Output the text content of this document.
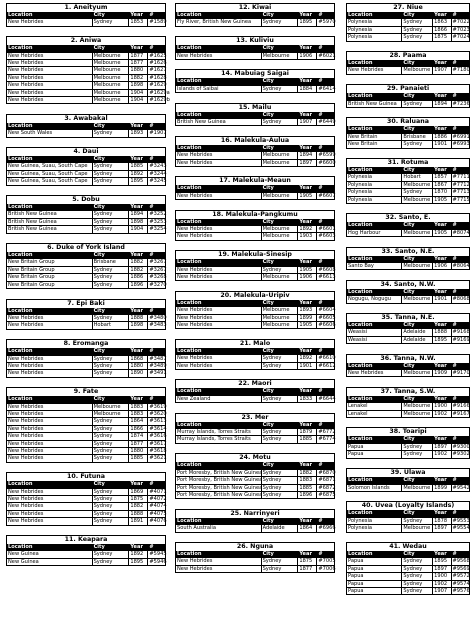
1. Aneityum
Location	City	Year	#
New Hebrides	Sydney	1853	#1589
2. Aniwa
Location	City	Year	#
New Hebrides	Melbourne	1877	#1625
New Hebrides	Melbourne	1877	#1626
New Hebrides	Melbourne	1880	#1627
New Hebrides	Melbourne	1882	#1628
New Hebrides	Melbourne	1898	#1629
New Hebrides	Melbourne	1904	#1629a
New Hebrides	Melbourne	1904	#1629b
3. Awabakal
Location	City	Year	#
New South Wales	Sydney	1893	#1907
4. Daui
Location	City	Year	#
New Guinea, Suau, South Cape	Sydney	1885	#3243
New Guinea, Suau, South Cape	Sydney	1892	#3244
New Guinea, Suau, South Cape	Sydney	1895	#3245
5. Dobu
Location	City	Year	#
British New Guinea	Sydney	1894	#3252
British New Guinea	Sydney	1898	#3253
British New Guinea	Sydney	1904	#3254
6. Duke of York Island
Location	City	Year	#
New Britain Group	Brisbane	1882	#3267
New Britain Group	Sydney	1882	#3267
New Britain Group	Sydney	1886	#3268
New Britain Group	Sydney	1896	#3270
7. Epi Baki
Location	City	Year	#
New Hebrides	Sydney	1888	#3480
New Hebrides	Hobart	1898	#3483
8. Eromanga
Location	City	Year	#
New Hebrides	Sydney	1868	#3487
New Hebrides	Sydney	1880	#3489
New Hebrides	Sydney	1890	#3491
9. Fate
Location	City	Year	#
New Hebrides	Melbourne	1883	#3619
New Hebrides	Melbourne	1883	#3620
New Hebrides	Sydney	1864	#3613
New Hebrides	Sydney	1866	#3614
New Hebrides	Sydney	1874	#3616
New Hebrides	Sydney	1877	#3617
New Hebrides	Sydney	1880	#3618
New Hebrides	Sydney	1885	#3621
10. Futuna
Location	City	Year	#
New Hebrides	Sydney	1869	#4071
New Hebrides	Sydney	1875	#4072
New Hebrides	Sydney	1882	#4074
New Hebrides	Sydney	1888	#4075
New Hebrides	Sydney	1891	#4076
11. Keapara
Location	City	Year	#
New Guinea	Sydney	1892	#5945
New Guinea	Sydney	1895	#5946
12. Kiwai
Location	City	Year	#
Fly River, British New Guinea	Sydney	1895	#5970
13. Kuliviu
Location	City	Year	#
New Hebrides	Melbourne	1906	#6021
14. Mabuiag Saigai
Location	City	Year	#
Islands of Saibai	Sydney	1884	#6414
15. Mailu
Location	City	Year	#
British New Guinea	Sydney	1907	#6449
16. Malekula-Aulua
Location	City	Year	#
New Hebrides	Melbourne	1894	#6599
New Hebrides	Melbourne	1897	#6600
17. Malekula-Meaun
Location	City	Year	#
New Hebrides	Melbourne	1905	#6607
18. Malekula-Pangkumu
Location	City	Year	#
New Hebrides	Melbourne	1892	#6601
New Hebrides	Melbourne	1903	#6603
19. Malekula-Sinesip
Location	City	Year	#
New Hebrides	Sydney	1905	#6608
New Hebrides	Melbourne	1906	#6613
20. Malekula-Uripiv
Location	City	Year	#
New Hebrides	Melbourne	1893	#6604
New Hebrides	Melbourne	1899	#6605
New Hebrides	Melbourne	1905	#6606
21. Malo
Location	City	Year	#
New Hebrides	Sydney	1892	#6610
New Hebrides	Sydney	1901	#6612
22. Maori
Location	City	Year	#
New Zealand	Sydney	1833	#6644
23. Mer
Location	City	Year	#
Murray Islands, Torres Straits	Sydney	1879	#6772
Murray Islands, Torres Straits	Sydney	1885	#6774
24. Motu
Location	City	Year	#
Port Moresby, British New Guinea	Sydney	1882	#6870
Port Moresby, British New Guinea	Sydney	1883	#6871
Port Moresby, British New Guinea	Sydney	1885	#6872
Port Moresby, British New Guinea	Sydney	1896	#6875
25. Narrinyeri
Location	City	Year	#
South Australia	Adelaide	1864	#6966
26. Nguna
Location	City	Year	#
New Hebrides	Sydney	1875	#7005
New Hebrides	Sydney	1877	#7006
27. Niue
Location	City	Year	#
Polynesia	Sydney	1863	#7022
Polynesia	Sydney	1866	#7023
Polynesia	Sydney	1875	#7024
28. Paama
Location	City	Year	#
New Hebrides	Melbourne	1907	#7180
29. Panaieti
Location	City	Year	#
British New Guinea	Sydney	1894	#7236
30. Raluana
Location	City	Year	#
New Britain	Brisbane	1886	#6991
New Britain	Sydney	1901	#6993
31. Rotuma
Location	City	Year	#
Polynesia	Hobart	1857	#7711
Polynesia	Melbourne	1867	#7712
Polynesia	Sydney	1870	#7713
Polynesia	Melbourne	1905	#7715
32. Santo, E.
Location	City	Year	#
Hog Harbour	Melbourne	1905	#8074
33. Santo, N.E.
Location	City	Year	#
Santo Bay	Melbourne	1906	#8064
34. Santo, N.W.
Location	City	Year	#
Nogugu, Nogugu	Melbourne	1901	#8068
35. Tanna, N.E.
Location	City	Year	#
Weasisi	Adelaide	1888	#9168
Weasisi	Adelaide	1895	#9169
36. Tanna, N.W.
Location	City	Year	#
New Hebrides	Melbourne	1909	#9170
37. Tanna, S.W.
Location	City	Year	#
Lenakel	Melbourne	1900	#9166
Lenakel	Melbourne	1902	#9167
38. Toaripi
Location	City	Year	#
Papua	Sydney	1897	#9300
Papua	Sydney	1902	#9302
39. Ulawa
Location	City	Year	#
Solomon Islands	Melbourne	1899	#9542
40. Uvea (Loyalty Islands)
Location	City	Year	#
Polynesia	Sydney	1878	#9553
Polynesia	Melbourne	1897	#9554
41. Wedau
Location	City	Year	#
Papua	Sydney	1895	#9568
Papua	Sydney	1897	#9569
Papua	Sydney	1900	#9572
Papua	Sydney	1902	#9574
Papua	Sydney	1907	#9576
